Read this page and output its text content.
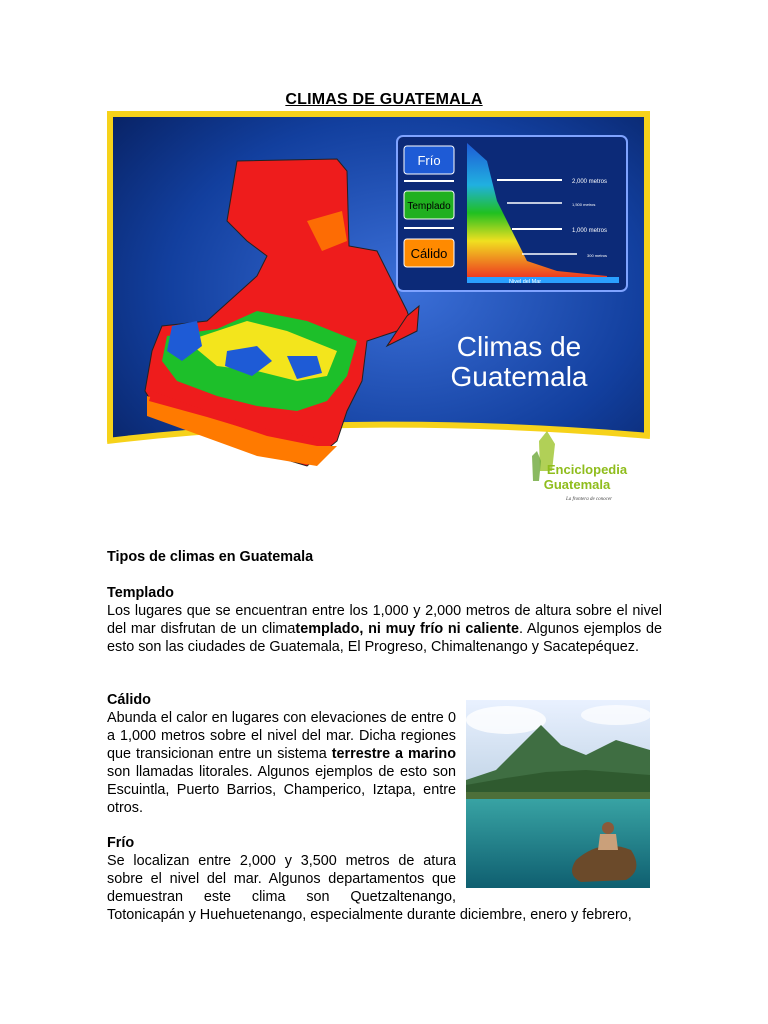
CLIMAS DE GUATEMALA
Frío
Templado
Cálido
2,000 metros
1,500 metros
1,000 metros
300 metros
Nivel del Mar
Climas de
Guatemala
Enciclopedia
Guatemala
La frontera de conocer
Tipos de climas en Guatemala
Templado
Los lugares que se encuentran entre los 1,000 y 2,000 metros de altura sobre el nivel del mar disfrutan de un climatemplado, ni muy frío ni caliente. Algunos ejemplos de esto son las ciudades de Guatemala, El Progreso, Chimaltenango y Sacatepéquez.
Cálido
Abunda el calor en lugares con elevaciones de entre 0 a 1,000 metros sobre el nivel del mar. Dicha regiones que transicionan entre un sistema terrestre a marino son llamadas litorales. Algunos ejemplos de esto son Escuintla, Puerto Barrios, Champerico, Iztapa, entre otros.
Frío
Se localizan entre 2,000 y 3,500 metros de atura sobre el nivel del mar. Algunos departamentos que demuestran este clima son Quetzaltenango,
Totonicapán y Huehuetenango, especialmente durante diciembre, enero y febrero,
